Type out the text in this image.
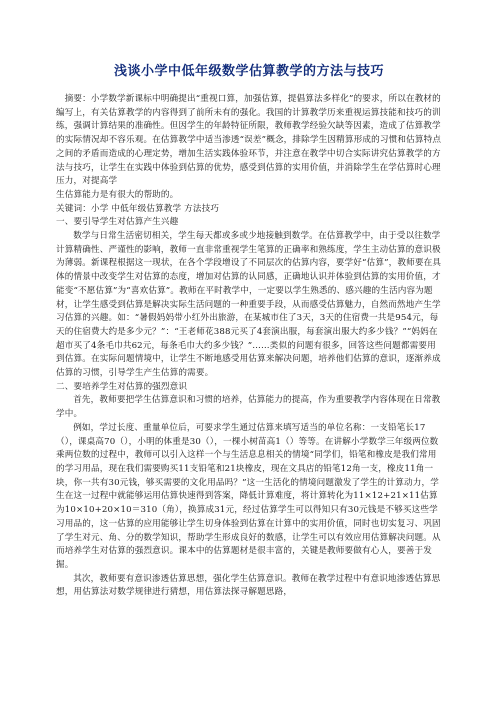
浅谈小学中低年级数学估算教学的方法与技巧

摘要：小学数学新课标中明确提出“重视口算，加强估算，提倡算法多样化”的要求，所以在教材的编写上，有关估算教学的内容得到了前所未有的强化。我国的计算教学历来重视运算技能和技巧的训练，强调计算结果的准确性。但因学生的年龄特征所限，教师教学经验欠缺等因素，造成了估算教学的实际情况却不容乐观。在估算教学中适当渗透“误差”概念，排除学生因精算形成的习惯和估算特点之间的矛盾而造成的心理定势，增加生活实践体验环节，并注意在教学中切合实际讲究估算教学的方法与技巧，让学生在实践中体验到估算的优势，感受到估算的实用价值，并消除学生在学估算时心理压力，对提高学

生估算能力是有很大的帮助的。

关键词：小学 中低年级估算教学 方法技巧

一、要引导学生对估算产生兴趣

数学与日常生活密切相关，学生每天都或多或少地接触到数学。在估算教学中，由于受以往数学计算精确性、严谨性的影响，教师一直非常重视学生笔算的正确率和熟练度，学生主动估算的意识极为薄弱。新课程根据这一现状，在各个学段增设了不同层次的估算内容，要学好“估算”，教师要在具体的情景中改变学生对估算的态度，增加对估算的认同感，正确地认识并体验到估算的实用价值，才能变“不愿估算”为“喜欢估算”。教师在平时教学中，一定要以学生熟悉的、感兴趣的生活内容为题材，让学生感受到估算是解决实际生活问题的一种重要手段，从而感受估算魅力，自然而然地产生学习估算的兴趣。如：“暑假妈妈带小红外出旅游，在某城市住了3天，3天的住宿费一共是954元，每天的住宿费大约是多少元？”：“王老师花388元买了4套演出服，每套演出服大约多少钱？”“妈妈在超市买了4条毛巾共62元，每条毛巾大约多少钱？”……类似的问题有很多，回答这些问题都需要用到估算。在实际问题情境中，让学生不断地感受用估算来解决问题，培养他们估算的意识，逐渐养成估算的习惯，引导学生产生估算的需要。

二、要培养学生对估算的强烈意识

首先，教师要把学生估算意识和习惯的培养，估算能力的提高，作为重要教学内容体现在日常教学中。

例如，学过长度、重量单位后，可要求学生通过估算来填写适当的单位名称：一支铅笔长17（），课桌高70（），小明的体重是30（），一棵小树苗高1（）等等。在讲解小学数学三年级两位数乘两位数的过程中，教师可以引入这样一个与生活息息相关的情境“同学们，铅笔和橡皮是我们常用的学习用品，现在我们需要购买11支铅笔和21块橡皮，现在文具店的铅笔12角一支，橡皮11角一块，你一共有30元钱，够买需要的文化用品吗？”这一生活化的情境问题激发了学生的计算动力，学生在这一过程中就能够运用估算快速得到答案，降低计算难度，将计算转化为11×12+21×11估算为10×10+20×10＝310（角），换算成31元，经过估算学生可以得知只有30元钱是不够买这些学习用品的，这一估算的应用能够让学生切身体验到估算在计算中的实用价值，同时也切实复习、巩固了学生对元、角、分的数学知识，帮助学生形成良好的数感，让学生可以有效应用估算解决问题。从而培养学生对估算的强烈意识。课本中的估算题材是很丰富的，关键是教师要做有心人，要善于发掘。

其次，教师要有意识渗透估算思想，强化学生估算意识。教师在教学过程中有意识地渗透估算思想，用估算法对数学规律进行猜想，用估算法探寻解题思路，
